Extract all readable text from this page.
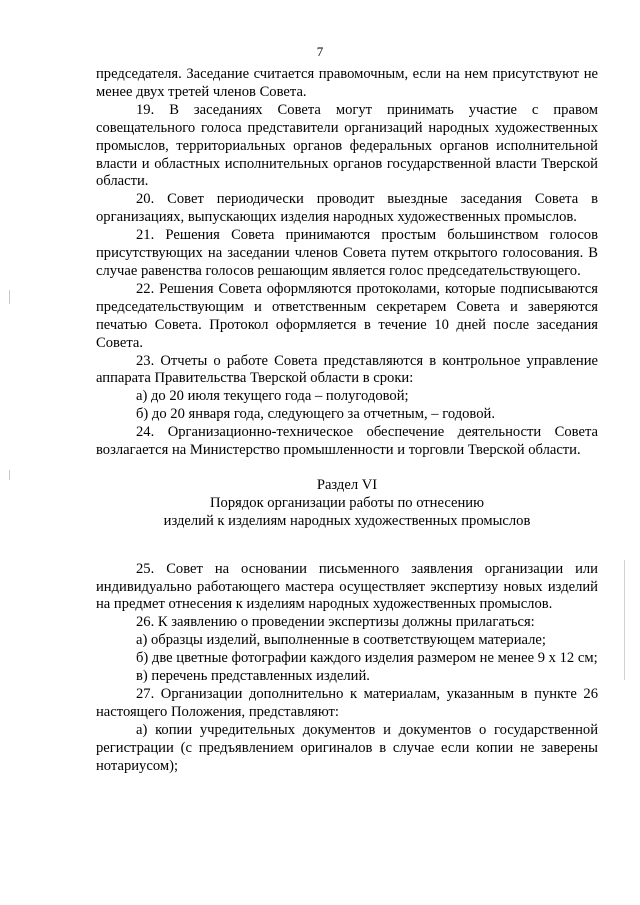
7

председателя. Заседание считается правомочным, если на нем присутствуют не менее двух третей членов Совета.

19. В заседаниях Совета могут принимать участие с правом совещательного голоса представители организаций народных художественных промыслов, территориальных органов федеральных органов исполнительной власти и областных исполнительных органов государственной власти Тверской области.

20. Совет периодически проводит выездные заседания Совета в организациях, выпускающих изделия народных художественных промыслов.

21. Решения Совета принимаются простым большинством голосов присутствующих на заседании членов Совета путем открытого голосования. В случае равенства голосов решающим является голос председательствующего.

22. Решения Совета оформляются протоколами, которые подписываются председательствующим и ответственным секретарем Совета и заверяются печатью Совета. Протокол оформляется в течение 10 дней после заседания Совета.

23. Отчеты о работе Совета представляются в контрольное управление аппарата Правительства Тверской области в сроки:

а) до 20 июля текущего года – полугодовой;

б) до 20 января года, следующего за отчетным, – годовой.

24. Организационно-техническое обеспечение деятельности Совета возлагается на Министерство промышленности и торговли Тверской области.

Раздел VI
Порядок организации работы по отнесению
изделий к изделиям народных художественных промыслов

25. Совет на основании письменного заявления организации или индивидуально работающего мастера осуществляет экспертизу новых изделий на предмет отнесения к изделиям народных художественных промыслов.

26. К заявлению о проведении экспертизы должны прилагаться:

а) образцы изделий, выполненные в соответствующем материале;

б) две цветные фотографии каждого изделия размером не менее 9 х 12 см;

в) перечень представленных изделий.

27. Организации дополнительно к материалам, указанным в пункте 26 настоящего Положения, представляют:

а) копии учредительных документов и документов о государственной регистрации (с предъявлением оригиналов в случае если копии не заверены нотариусом);
